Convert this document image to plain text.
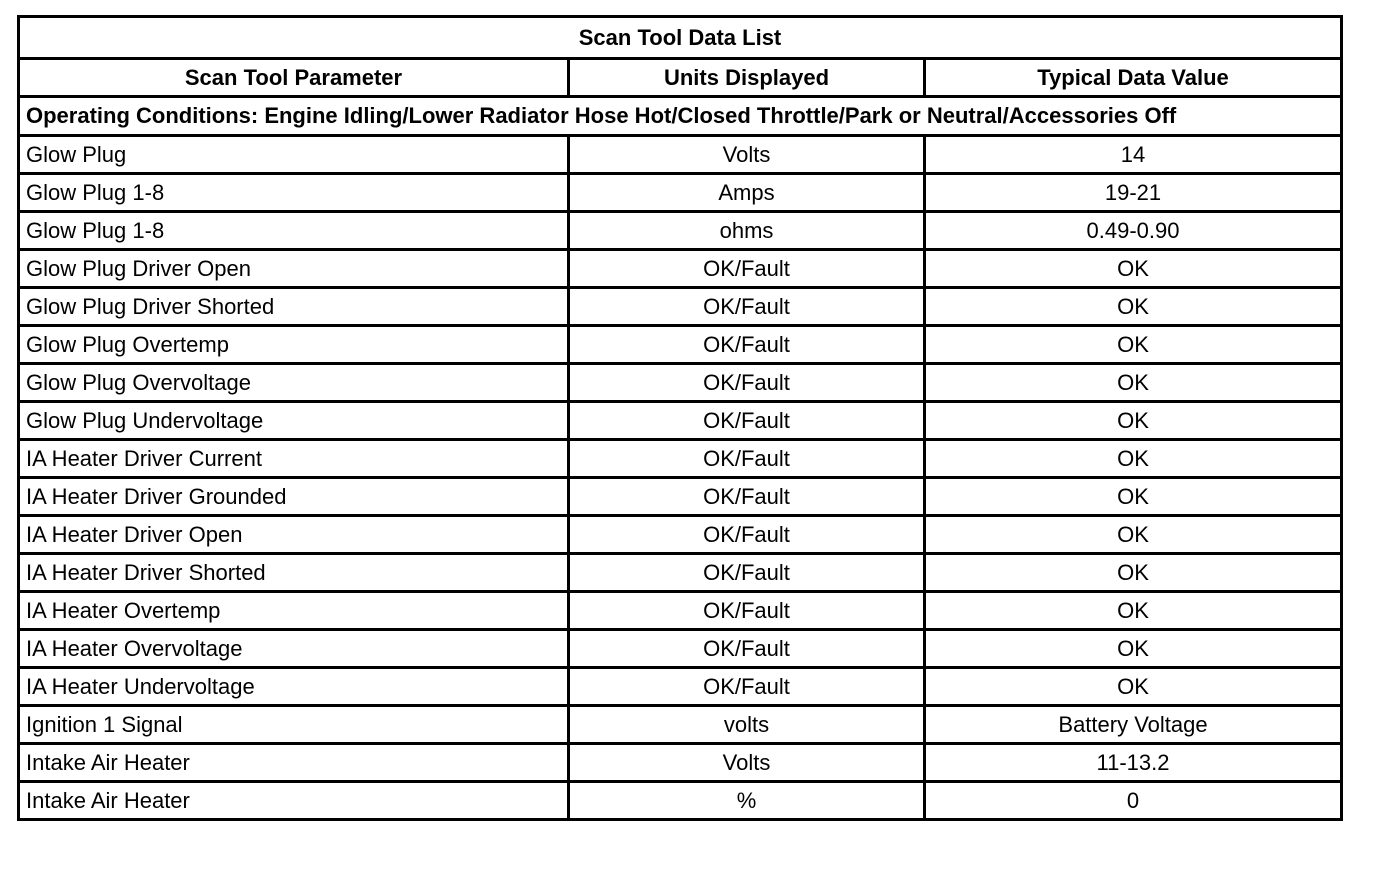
Scan Tool Data List		
Scan Tool Parameter	Units Displayed	Typical Data Value
Operating Conditions: Engine Idling/Lower Radiator Hose Hot/Closed Throttle/Park or Neutral/Accessories Off		
Glow Plug	Volts	14
Glow Plug 1-8	Amps	19-21
Glow Plug 1-8	ohms	0.49-0.90
Glow Plug Driver Open	OK/Fault	OK
Glow Plug Driver Shorted	OK/Fault	OK
Glow Plug Overtemp	OK/Fault	OK
Glow Plug Overvoltage	OK/Fault	OK
Glow Plug Undervoltage	OK/Fault	OK
IA Heater Driver Current	OK/Fault	OK
IA Heater Driver Grounded	OK/Fault	OK
IA Heater Driver Open	OK/Fault	OK
IA Heater Driver Shorted	OK/Fault	OK
IA Heater Overtemp	OK/Fault	OK
IA Heater Overvoltage	OK/Fault	OK
IA Heater Undervoltage	OK/Fault	OK
Ignition 1 Signal	volts	Battery Voltage
Intake Air Heater	Volts	11-13.2
Intake Air Heater	%	0
